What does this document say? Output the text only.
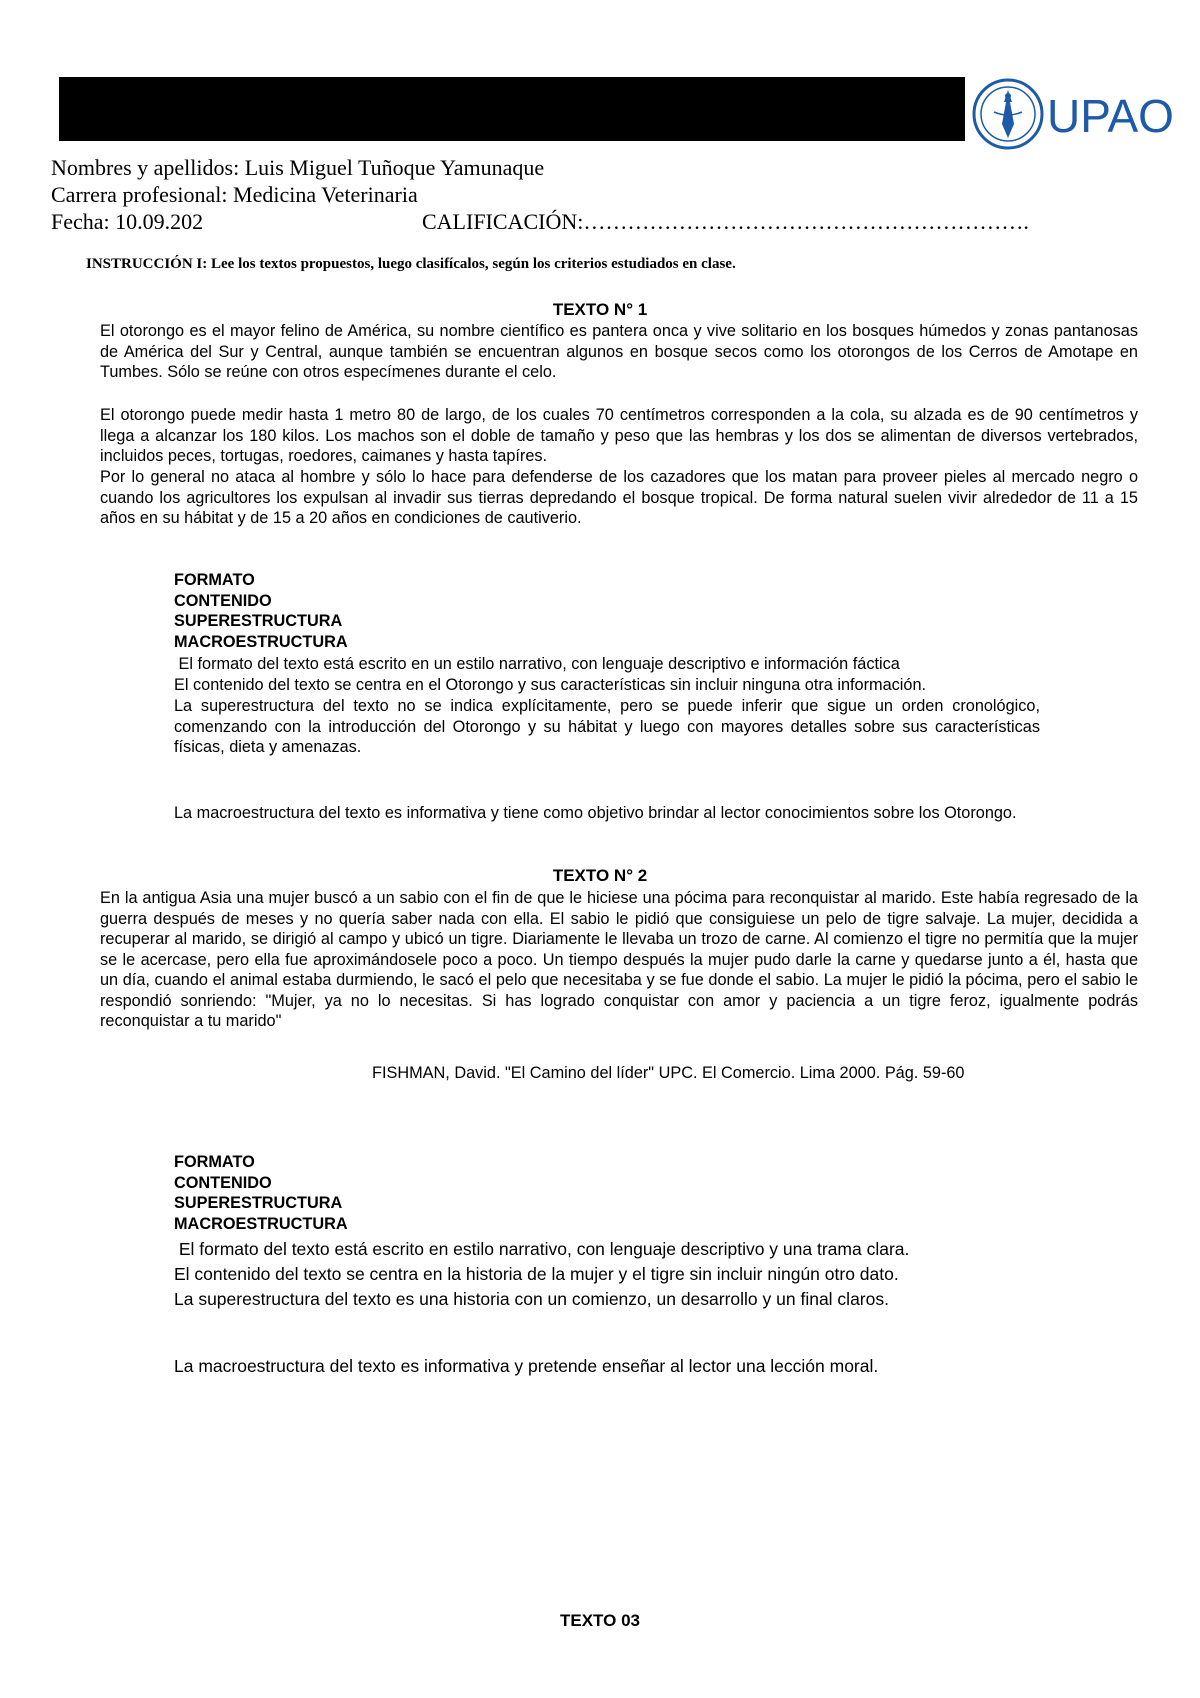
UPAO
Nombres y apellidos: Luis Miguel Tuñoque Yamunaque
Carrera profesional: Medicina Veterinaria
Fecha: 10.09.202	CALIFICACIÓN:…………………………………………………….
INSTRUCCIÓN I: Lee los textos propuestos, luego clasifícalos, según los criterios estudiados en clase.
TEXTO N° 1
El otorongo es el mayor felino de América, su nombre científico es pantera onca y vive solitario en los bosques húmedos y zonas pantanosas de América del Sur y Central, aunque también se encuentran algunos en bosque secos como los otorongos de los Cerros de Amotape en Tumbes. Sólo se reúne con otros especímenes durante el celo.
El otorongo puede medir hasta 1 metro 80 de largo, de los cuales 70 centímetros corresponden a la cola, su alzada es de 90 centímetros y llega a alcanzar los 180 kilos. Los machos son el doble de tamaño y peso que las hembras y los dos se alimentan de diversos vertebrados, incluidos peces, tortugas, roedores, caimanes y hasta tapíres.
Por lo general no ataca al hombre y sólo lo hace para defenderse de los cazadores que los matan para proveer pieles al mercado negro o cuando los agricultores los expulsan al invadir sus tierras depredando el bosque tropical. De forma natural suelen vivir alrededor de 11 a 15 años en su hábitat y de 15 a 20 años en condiciones de cautiverio.
FORMATO
CONTENIDO
SUPERESTRUCTURA
MACROESTRUCTURA
El formato del texto está escrito en un estilo narrativo, con lenguaje descriptivo e información fáctica
El contenido del texto se centra en el Otorongo y sus características sin incluir ninguna otra información.
La superestructura del texto no se indica explícitamente, pero se puede inferir que sigue un orden cronológico, comenzando con la introducción del Otorongo y su hábitat y luego con mayores detalles sobre sus características físicas, dieta y amenazas.
La macroestructura del texto es informativa y tiene como objetivo brindar al lector conocimientos sobre los Otorongo.
TEXTO N° 2
En la antigua Asia una mujer buscó a un sabio con el fin de que le hiciese una pócima para reconquistar al marido. Este había regresado de la guerra después de meses y no quería saber nada con ella. El sabio le pidió que consiguiese un pelo de tigre salvaje. La mujer, decidida a recuperar al marido, se dirigió al campo y ubicó un tigre. Diariamente le llevaba un trozo de carne. Al comienzo el tigre no permitía que la mujer se le acercase, pero ella fue aproximándosele poco a poco. Un tiempo después la mujer pudo darle la carne y quedarse junto a él, hasta que un día, cuando el animal estaba durmiendo, le sacó el pelo que necesitaba y se fue donde el sabio. La mujer le pidió la pócima, pero el sabio le respondió sonriendo: "Mujer, ya no lo necesitas. Si has logrado conquistar con amor y paciencia a un tigre feroz, igualmente podrás reconquistar a tu marido"
FISHMAN, David. "El Camino del líder" UPC. El Comercio. Lima 2000. Pág. 59-60
FORMATO
CONTENIDO
SUPERESTRUCTURA
MACROESTRUCTURA
El formato del texto está escrito en estilo narrativo, con lenguaje descriptivo y una trama clara.
El contenido del texto se centra en la historia de la mujer y el tigre sin incluir ningún otro dato.
La superestructura del texto es una historia con un comienzo, un desarrollo y un final claros.
La macroestructura del texto es informativa y pretende enseñar al lector una lección moral.
TEXTO 03
